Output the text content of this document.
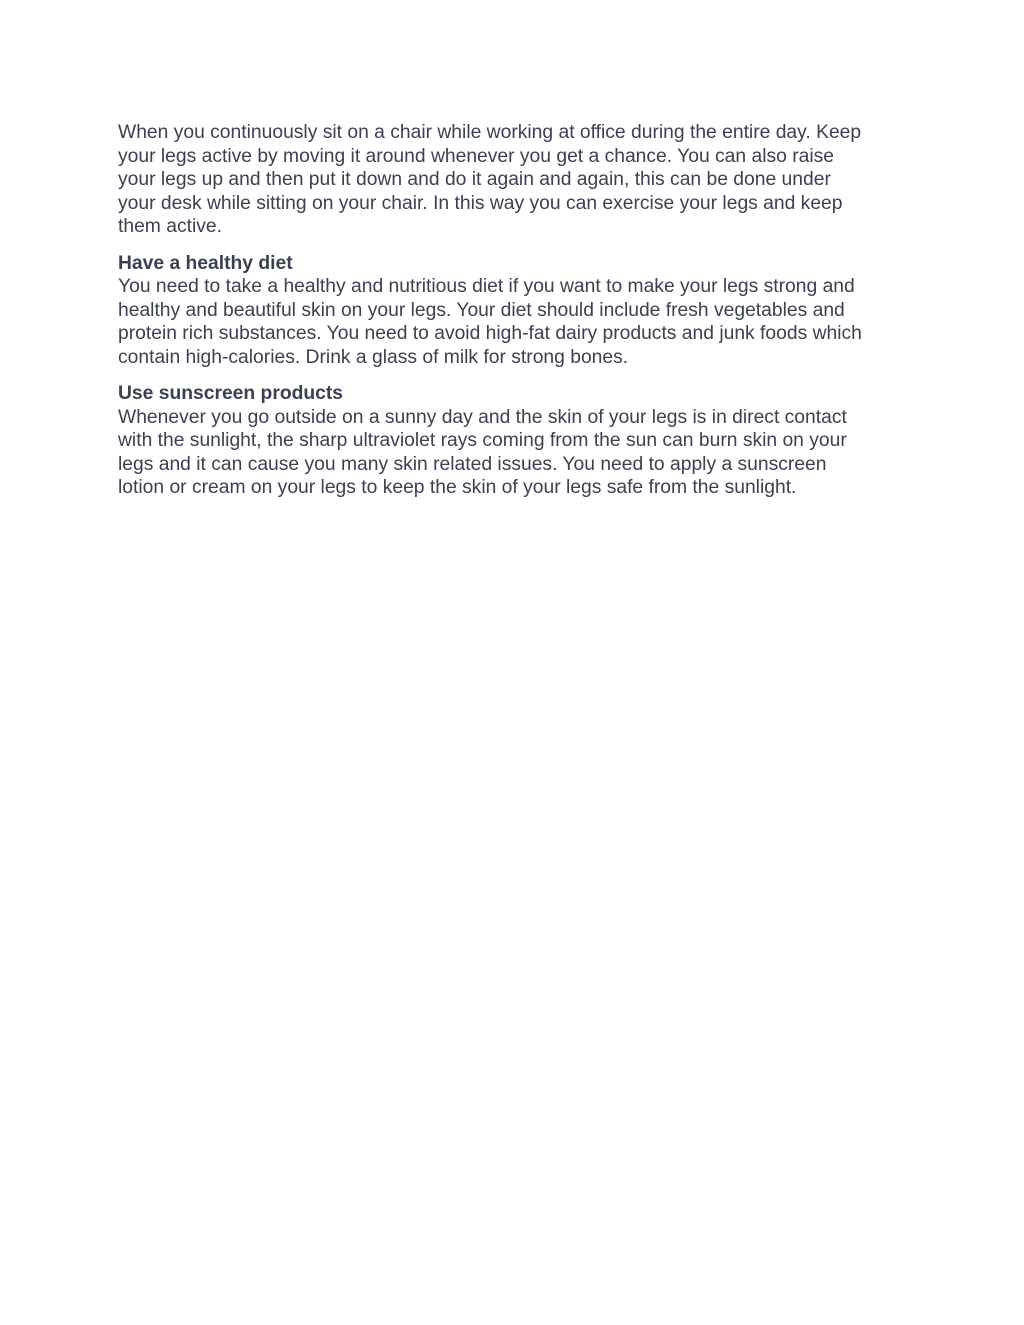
When you continuously sit on a chair while working at office during the entire day. Keep
your legs active by moving it around whenever you get a chance. You can also raise
your legs up and then put it down and do it again and again, this can be done under
your desk while sitting on your chair. In this way you can exercise your legs and keep
them active.

Have a healthy diet

You need to take a healthy and nutritious diet if you want to make your legs strong and
healthy and beautiful skin on your legs. Your diet should include fresh vegetables and
protein rich substances. You need to avoid high-fat dairy products and junk foods which
contain high-calories. Drink a glass of milk for strong bones.

Use sunscreen products

Whenever you go outside on a sunny day and the skin of your legs is in direct contact
with the sunlight, the sharp ultraviolet rays coming from the sun can burn skin on your
legs and it can cause you many skin related issues. You need to apply a sunscreen
lotion or cream on your legs to keep the skin of your legs safe from the sunlight.
